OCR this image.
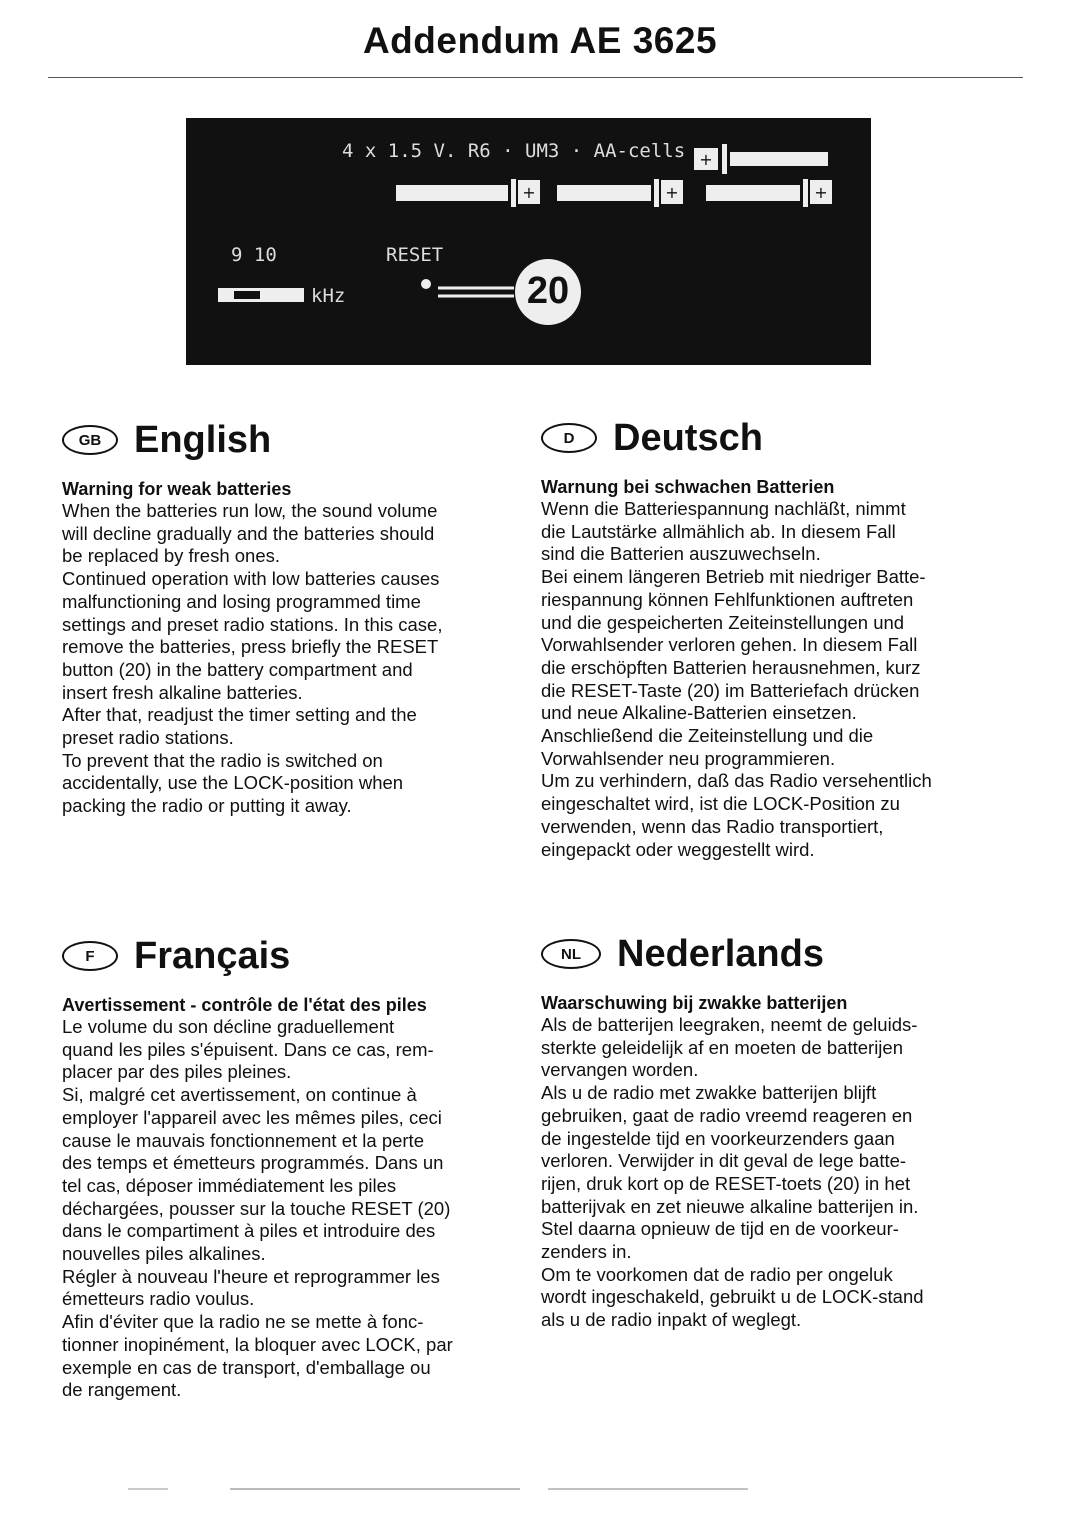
Addendum AE 3625
4 x 1.5 V. R6 · UM3 · AA-cells +
+	+	+
9 10
kHz
RESET
20
GB English
Warning for weak batteries

When the batteries run low, the sound volume

will decline gradually and the batteries should

be replaced by fresh ones.

Continued operation with low batteries causes

malfunctioning and losing programmed time

settings and preset radio stations. In this case,

remove the batteries, press briefly the RESET

button (20) in the battery compartment and

insert fresh alkaline batteries.

After that, readjust the timer setting and the

preset radio stations.

To prevent that the radio is switched on

accidentally, use the LOCK-position when

packing the radio or putting it away.

D	Deutsch
Warnung bei schwachen Batterien

Wenn die Batteriespannung nachläßt, nimmt

die Lautstärke allmählich ab. In diesem Fall

sind die Batterien auszuwechseln.

Bei einem längeren Betrieb mit niedriger Batte-

riespannung können Fehlfunktionen auftreten

und die gespeicherten Zeiteinstellungen und

Vorwahlsender verloren gehen. In diesem Fall

die erschöpften Batterien herausnehmen, kurz

die RESET-Taste (20) im Batteriefach drücken

und neue Alkaline-Batterien einsetzen.

Anschließend die Zeiteinstellung und die

Vorwahlsender neu programmieren.

Um zu verhindern, daß das Radio versehentlich

eingeschaltet wird, ist die LOCK-Position zu

verwenden, wenn das Radio transportiert,

eingepackt oder weggestellt wird.

F	Français
Avertissement - contrôle de l'état des piles

Le volume du son décline graduellement

quand les piles s'épuisent. Dans ce cas, rem-

placer par des piles pleines.

Si, malgré cet avertissement, on continue à

employer l'appareil avec les mêmes piles, ceci

cause le mauvais fonctionnement et la perte

des temps et émetteurs programmés. Dans un

tel cas, déposer immédiatement les piles

déchargées, pousser sur la touche RESET (20)

dans le compartiment à piles et introduire des

nouvelles piles alkalines.

Régler à nouveau l'heure et reprogrammer les

émetteurs radio voulus.

Afin d'éviter que la radio ne se mette à fonc-

tionner inopinément, la bloquer avec LOCK, par

exemple en cas de transport, d'emballage ou

de rangement.

NL Nederlands
Waarschuwing bij zwakke batterijen

Als de batterijen leegraken, neemt de geluids-

sterkte geleidelijk af en moeten de batterijen

vervangen worden.

Als u de radio met zwakke batterijen blijft

gebruiken, gaat de radio vreemd reageren en

de ingestelde tijd en voorkeurzenders gaan

verloren. Verwijder in dit geval de lege batte-

rijen, druk kort op de RESET-toets (20) in het

batterijvak en zet nieuwe alkaline batterijen in.

Stel daarna opnieuw de tijd en de voorkeur-

zenders in.

Om te voorkomen dat de radio per ongeluk

wordt ingeschakeld, gebruikt u de LOCK-stand

als u de radio inpakt of weglegt.
